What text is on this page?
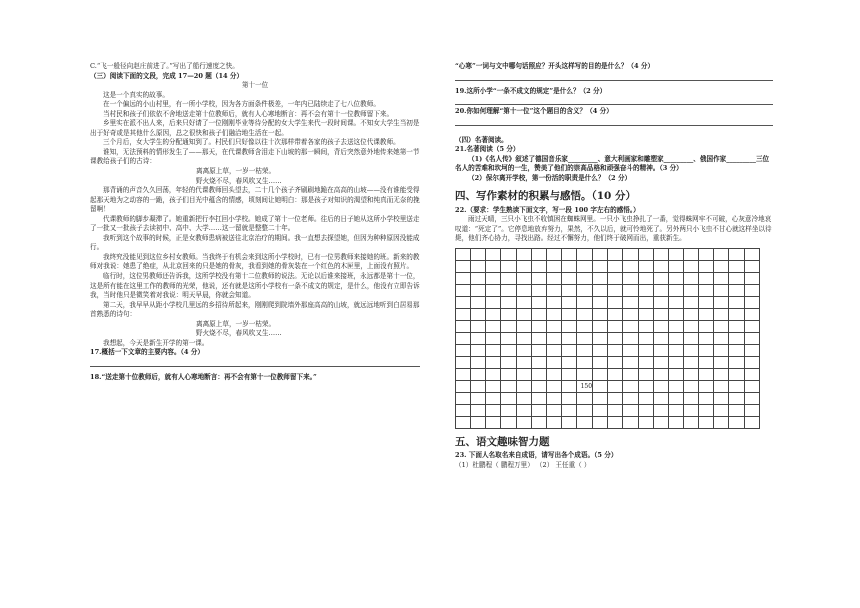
C.“飞一般径向赵庄前进了。”写出了船行速度之快。

（三）阅读下面的文段，完成 17—20 题（14 分）

第十一位

这是一个真实的故事。

在一个偏远的小山村里，有一所小学校，因为各方面条件极差，一年内已陆续走了七八位教师。

当村民和孩子们依依不舍地送走第十位教师后，就有人心寒地断言：再不会有第十一位教师留下来。

乡里实在派不出人来，后来只好请了一位刚刚毕业等待分配的女大学生来代一段时间课。不知女大学生当初是出于好奇或是其他什么原因，总之很快和孩子们融洽地生活在一起。

三个月后，女大学生的分配通知到了。村民们只好像以往十次那样带着各家的孩子去送这位代课教师。

谁知，无法预料的情形发生了——那天，在代课教师含泪走下山坡的那一瞬间，背后突然意外地传来她第一节课教给孩子们的古诗：

离离原上草，一岁一枯荣。

野火烧不尽，春风吹又生……

那背诵的声音久久回荡，年轻的代课教师回头望去，二十几个孩子齐刷刷地跪在高高的山坡——没有谁能受得起那天地为之动容的一跪，孩子们目光中蕴含的情感，顷刻间让她明白：那是孩子对知识的渴望和纯真而无奈的挽留啊！

代课教师的脚步凝滞了。她重新把行李扛回小学校。她成了第十一位老师。往后的日子她从这所小学校里送走了一批又一批孩子去读初中、高中、大学……这一留就是整整二十年。

我听到这个故事的时候，正是女教师患病被送往北京治疗的期间。我一直想去探望她，但因为种种原因没能成行。

我终究没能见到这位乡村女教师。当我终于有机会来到这所小学校时，已有一位男教师来接她的班。新来的教师对我说：她患了绝症，从北京回来的只是她的骨灰，我看到她的骨灰装在一个红色的木匣里，上面没有照片。

临行时，这位男教师还告诉我，这所学校没有第十二位教师的说法。无论以后谁来接班，永远都是第十一位，这是所有能在这里工作的教师的光荣，他说，还有就是这所小学校有一条不成文的规定，是什么，他没有立即告诉我，当时他只是微笑着对我说：明天早晨，你就会知道。

第二天，我早早从距小学校几里远的乡招待所起来，刚刚爬到院墙外那座高高的山坡，就远远地听到白居易那首熟悉的诗句：

离离原上草，一岁一枯荣。

野火烧不尽，春风吹又生……

我想起，今天是新生开学的第一课。

17.概括一下文章的主要内容。（4 分）

18.“送走第十位教师后，就有人心寒地断言：再不会有第十一位教师留下来。”

“心寒”一词与文中哪句话照应？开头这样写的目的是什么？（4 分）

19.这所小学“一条不成文的规定”是什么？（2 分）

20.你如何理解“第十一位”这个题目的含义？（4 分）

（四）名著阅读。

21.名著阅读（5 分）

（1)《名人传》叙述了德国音乐家_________、意大利画家和雕塑家_________、俄国作家_________三位名人的苦难和坎坷的一生，赞美了他们的崇高品格和顽强奋斗的精神。（3 分）

（2）保尔离开学校，第一份活的职责是什么？（2 分）

四、写作素材的积累与感悟。（10 分）

22.（要求：学生熟读下面文字，写一段 100 字左右的感悟。）

雨过天晴，三只小飞虫不收慎困在蜘蛛网里。一只小飞虫挣扎了一番，觉得蛛网牢不可破，心灰意冷地哀叹道：“死定了”。它停息地放弃努力，果然，不久以后，就可怜地死了。另外两只小飞虫不甘心就这样坐以待毙，他们齐心协力，寻找出路。经过不懈努力，他们终于破网而出，重获新生。

								150											

五、语文趣味智力题

23. 下面人名取名来自成语，请写出各个成语。（5 分）

（1）杜鹏程（ 鹏程万里） （2） 王任重（ ）
